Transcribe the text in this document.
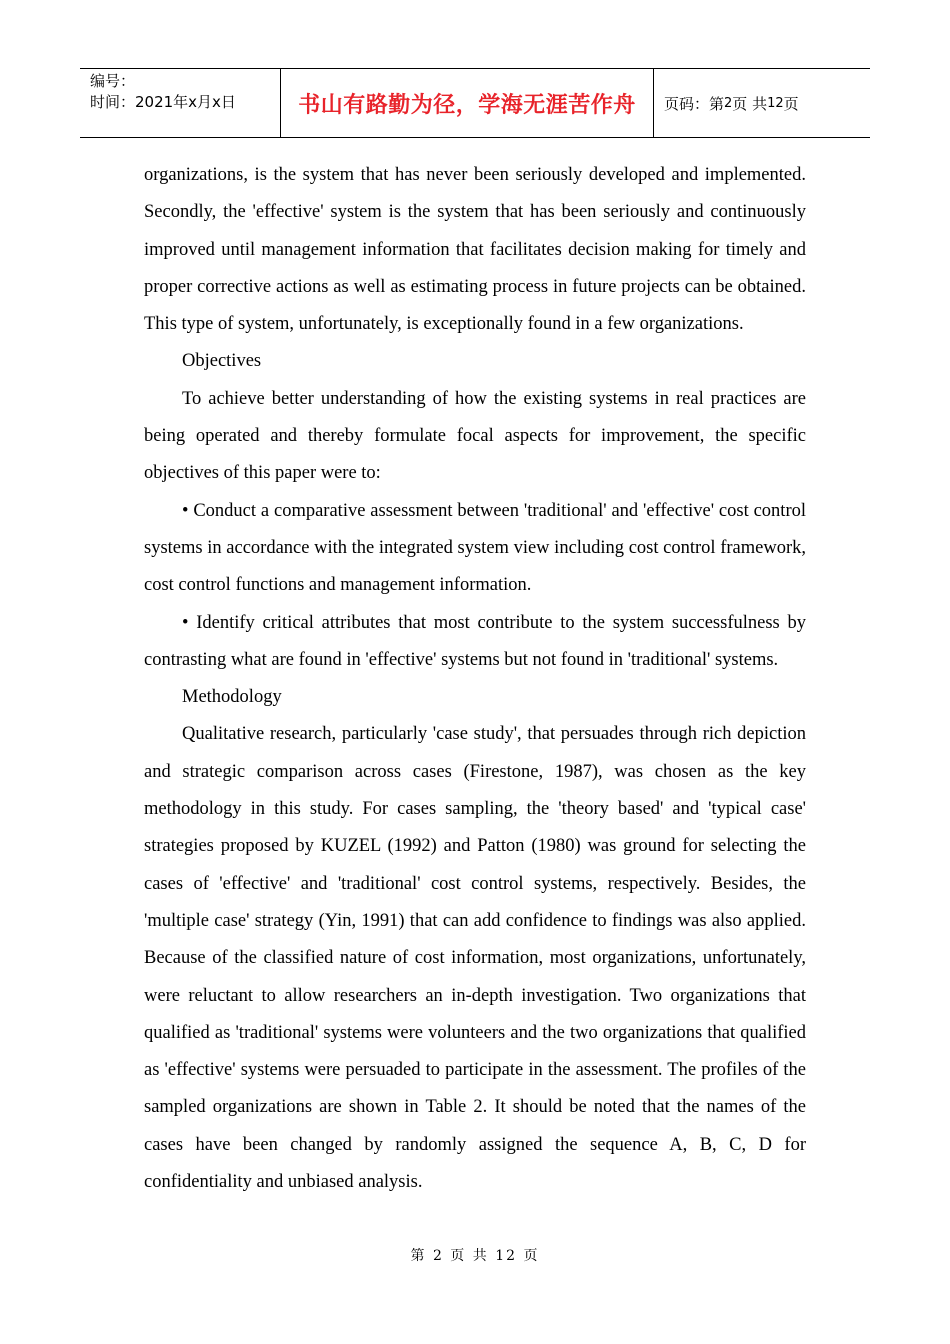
编号：
时间：2021年x月x日	书山有路勤为径，学海无涯苦作舟 页码：第 2 页 共 12 页

organizations, is the system that has never been seriously developed and implemented. Secondly, the 'effective' system is the system that has been seriously and continuously improved until management information that facilitates decision making for timely and proper corrective actions as well as estimating process in future projects can be obtained. This type of system, unfortunately, is exceptionally found in a few organizations.

Objectives

To achieve better understanding of how the existing systems in real practices are being operated and thereby formulate focal aspects for improvement, the specific objectives of this paper were to:

• Conduct a comparative assessment between 'traditional' and 'effective' cost control systems in accordance with the integrated system view including cost control framework, cost control functions and management information.

• Identify critical attributes that most contribute to the system successfulness by contrasting what are found in 'effective' systems but not found in 'traditional' systems.

Methodology

Qualitative research, particularly 'case study', that persuades through rich depiction and strategic comparison across cases (Firestone, 1987), was chosen as the key methodology in this study. For cases sampling, the 'theory based' and 'typical case' strategies proposed by KUZEL (1992) and Patton (1980) was ground for selecting the cases of 'effective' and 'traditional' cost control systems, respectively. Besides, the 'multiple case' strategy (Yin, 1991) that can add confidence to findings was also applied. Because of the classified nature of cost information, most organizations, unfortunately, were reluctant to allow researchers an in-depth investigation. Two organizations that qualified as 'traditional' systems were volunteers and the two organizations that qualified as 'effective' systems were persuaded to participate in the assessment. The profiles of the sampled organizations are shown in Table 2. It should be noted that the names of the cases have been changed by randomly assigned the sequence A, B, C, D for confidentiality and unbiased analysis.

第 2 页 共 12 页
